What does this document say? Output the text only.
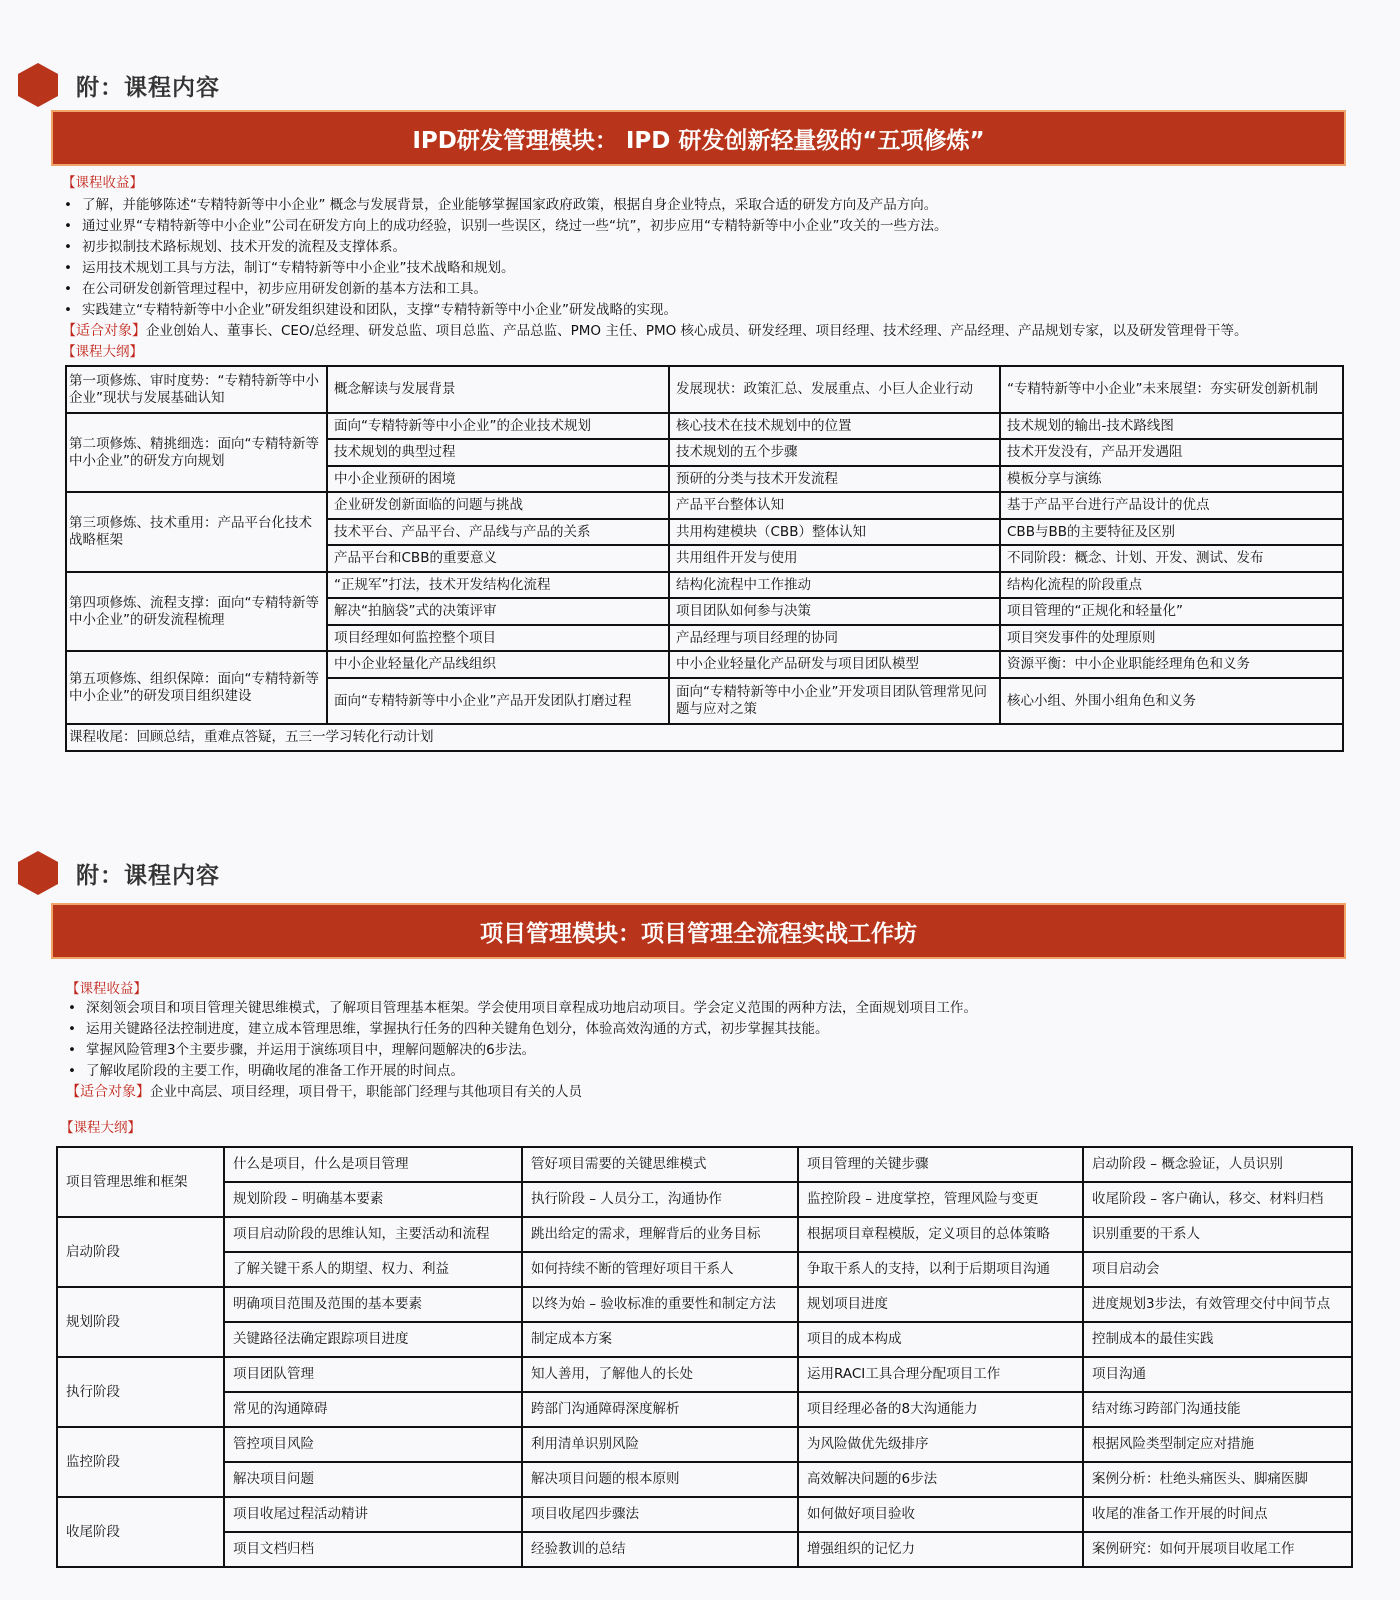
附：课程内容
IPD研发管理模块： IPD 研发创新轻量级的“五项修炼”
【课程收益】
• 了解，并能够陈述“专精特新等中小企业” 概念与发展背景，企业能够掌握国家政府政策，根据自身企业特点，采取合适的研发方向及产品方向。
• 通过业界“专精特新等中小企业”公司在研发方向上的成功经验，识别一些误区，绕过一些“坑”，初步应用“专精特新等中小企业”攻关的一些方法。
• 初步拟制技术路标规划、技术开发的流程及支撑体系。
• 运用技术规划工具与方法，制订“专精特新等中小企业”技术战略和规划。
• 在公司研发创新管理过程中，初步应用研发创新的基本方法和工具。
• 实践建立“专精特新等中小企业”研发组织建设和团队，支撑“专精特新等中小企业”研发战略的实现。
【适合对象】企业创始人、董事长、CEO/总经理、研发总监、项目总监、产品总监、PMO 主任、PMO 核心成员、研发经理、项目经理、技术经理、产品经理、产品规划专家，以及研发管理骨干等。
【课程大纲】
第一项修炼、审时度势：“专精特新等中小企业”现状与发展基础认知	概念解读与发展背景	发展现状：政策汇总、发展重点、小巨人企业行动	“专精特新等中小企业”未来展望：夯实研发创新机制
第二项修炼、精挑细选：面向“专精特新等中小企业”的研发方向规划	面向“专精特新等中小企业”的企业技术规划	核心技术在技术规划中的位置	技术规划的输出-技术路线图
	技术规划的典型过程	技术规划的五个步骤	技术开发没有，产品开发遇阻
	中小企业预研的困境	预研的分类与技术开发流程	模板分享与演练
第三项修炼、技术重用：产品平台化技术战略框架	企业研发创新面临的问题与挑战	产品平台整体认知	基于产品平台进行产品设计的优点
	技术平台、产品平台、产品线与产品的关系	共用构建模块（CBB）整体认知	CBB与BB的主要特征及区别
	产品平台和CBB的重要意义	共用组件开发与使用	不同阶段：概念、计划、开发、测试、发布
第四项修炼、流程支撑：面向“专精特新等中小企业”的研发流程梳理	“正规军”打法，技术开发结构化流程	结构化流程中工作推动	结构化流程的阶段重点
	解决“拍脑袋”式的决策评审	项目团队如何参与决策	项目管理的“正规化和轻量化”
	项目经理如何监控整个项目	产品经理与项目经理的协同	项目突发事件的处理原则
第五项修炼、组织保障：面向“专精特新等中小企业”的研发项目组织建设	中小企业轻量化产品线组织	中小企业轻量化产品研发与项目团队模型	资源平衡：中小企业职能经理角色和义务
	面向“专精特新等中小企业”产品开发团队打磨过程	面向“专精特新等中小企业”开发项目团队管理常见问题与应对之策	核心小组、外围小组角色和义务
课程收尾：回顾总结，重难点答疑，五三一学习转化行动计划			
附：课程内容
项目管理模块：项目管理全流程实战工作坊
【课程收益】
• 深刻领会项目和项目管理关键思维模式，了解项目管理基本框架。学会使用项目章程成功地启动项目。学会定义范围的两种方法，全面规划项目工作。
• 运用关键路径法控制进度，建立成本管理思维，掌握执行任务的四种关键角色划分，体验高效沟通的方式，初步掌握其技能。
• 掌握风险管理3个主要步骤，并运用于演练项目中，理解问题解决的6步法。
• 了解收尾阶段的主要工作，明确收尾的准备工作开展的时间点。
【适合对象】企业中高层、项目经理，项目骨干，职能部门经理与其他项目有关的人员
【课程大纲】
项目管理思维和框架	什么是项目，什么是项目管理	管好项目需要的关键思维模式	项目管理的关键步骤	启动阶段 – 概念验证，人员识别
	规划阶段 – 明确基本要素	执行阶段 – 人员分工，沟通协作	监控阶段 – 进度掌控，管理风险与变更	收尾阶段 – 客户确认，移交、材料归档
启动阶段	项目启动阶段的思维认知，主要活动和流程	跳出给定的需求，理解背后的业务目标	根据项目章程模版，定义项目的总体策略	识别重要的干系人
	了解关键干系人的期望、权力、利益	如何持续不断的管理好项目干系人	争取干系人的支持，以利于后期项目沟通	项目启动会
规划阶段	明确项目范围及范围的基本要素	以终为始 – 验收标准的重要性和制定方法	规划项目进度	进度规划3步法，有效管理交付中间节点
	关键路径法确定跟踪项目进度	制定成本方案	项目的成本构成	控制成本的最佳实践
执行阶段	项目团队管理	知人善用，了解他人的长处	运用RACI工具合理分配项目工作	项目沟通
	常见的沟通障碍	跨部门沟通障碍深度解析	项目经理必备的8大沟通能力	结对练习跨部门沟通技能
监控阶段	管控项目风险	利用清单识别风险	为风险做优先级排序	根据风险类型制定应对措施
	解决项目问题	解决项目问题的根本原则	高效解决问题的6步法	案例分析：杜绝头痛医头、脚痛医脚
收尾阶段	项目收尾过程活动精讲	项目收尾四步骤法	如何做好项目验收	收尾的准备工作开展的时间点
	项目文档归档	经验教训的总结	增强组织的记忆力	案例研究：如何开展项目收尾工作
